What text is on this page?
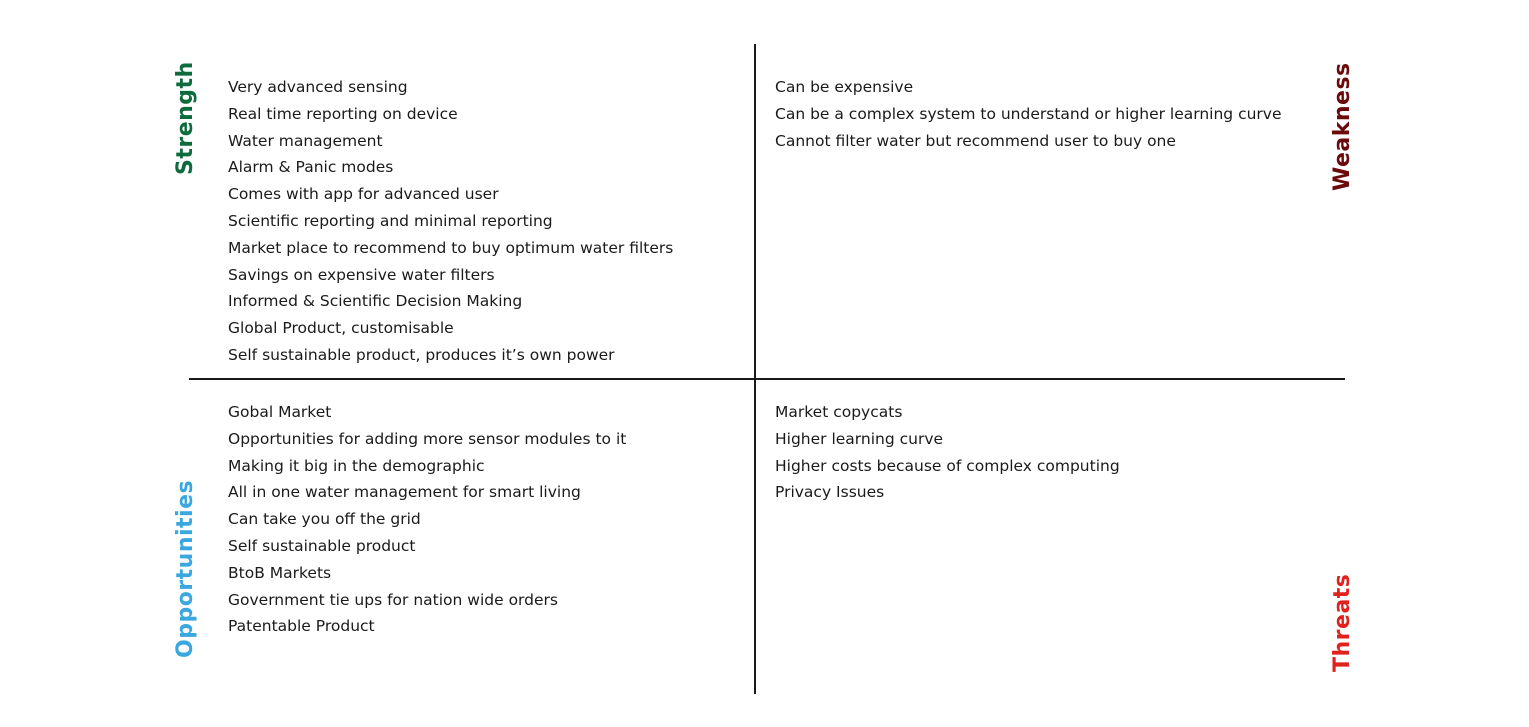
Strength	Weakness
Opportunities	Threats
Very advanced sensing
Real time reporting on device
Water management
Alarm & Panic modes
Comes with app for advanced user
Scientific reporting and minimal reporting
Market place to recommend to buy optimum water filters
Savings on expensive water filters
Informed & Scientific Decision Making
Global Product, customisable
Self sustainable product, produces it’s own power
Can be expensive
Can be a complex system to understand or higher learning curve
Cannot filter water but recommend user to buy one
Gobal Market
Opportunities for adding more sensor modules to it
Making it big in the demographic
All in one water management for smart living
Can take you off the grid
Self sustainable product
BtoB Markets
Government tie ups for nation wide orders
Patentable Product
Market copycats
Higher learning curve
Higher costs because of complex computing
Privacy Issues
